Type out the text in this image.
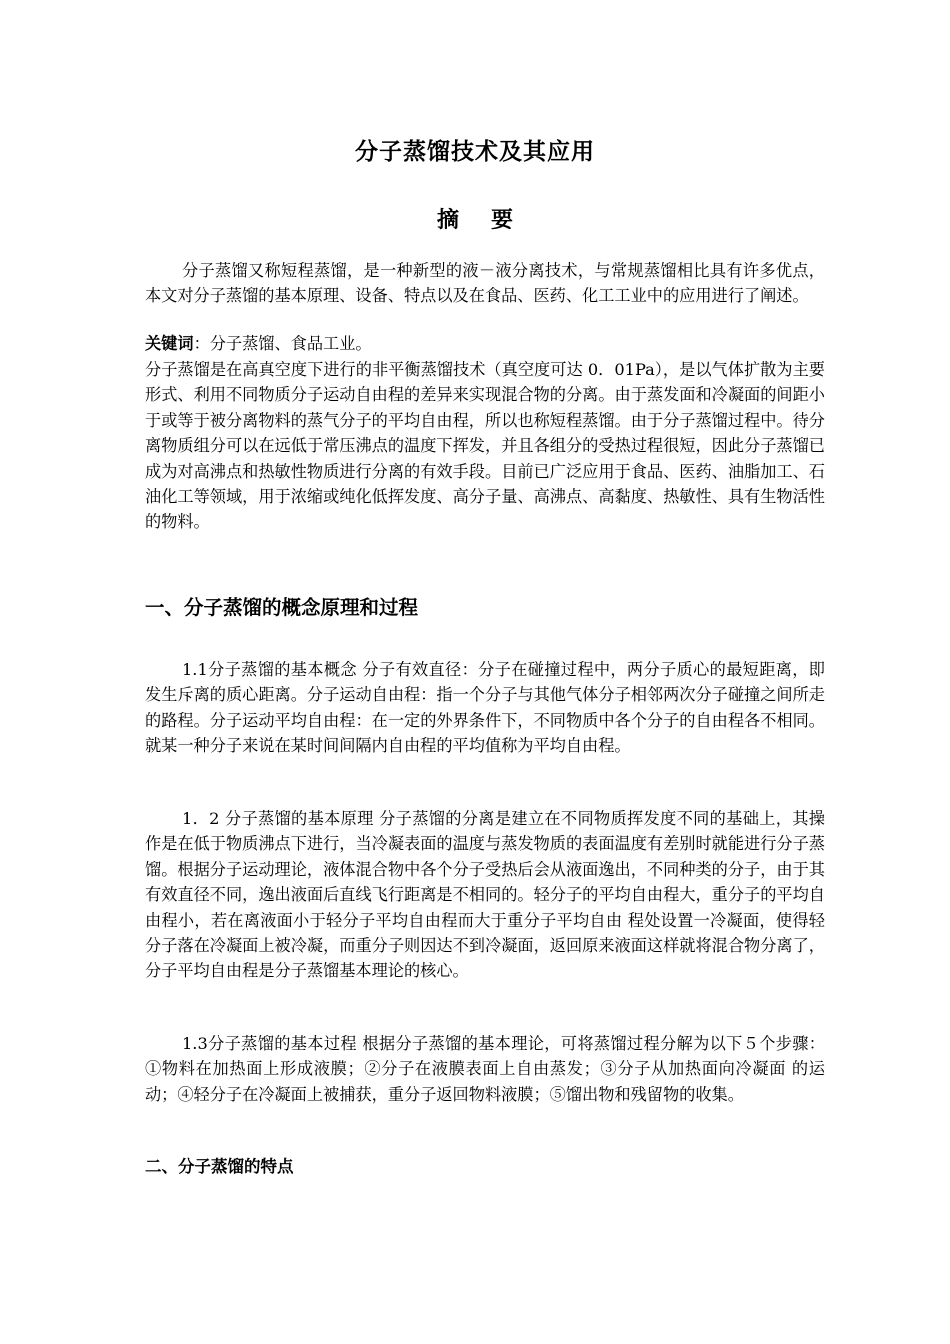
分子蒸馏技术及其应用
摘 要
分子蒸馏又称短程蒸馏，是一种新型的液－液分离技术，与常规蒸馏相比具有许多优点，本文对分子蒸馏的基本原理、设备、特点以及在食品、医药、化工工业中的应用进行了阐述。
关键词：分子蒸馏、食品工业。
分子蒸馏是在高真空度下进行的非平衡蒸馏技术（真空度可达 0．01Pa），是以气体扩散为主要形式、利用不同物质分子运动自由程的差异来实现混合物的分离。由于蒸发面和冷凝面的间距小于或等于被分离物料的蒸气分子的平均自由程，所以也称短程蒸馏。由于分子蒸馏过程中。待分离物质组分可以在远低于常压沸点的温度下挥发，并且各组分的受热过程很短，因此分子蒸馏已成为对高沸点和热敏性物质进行分离的有效手段。目前已广泛应用于食品、医药、油脂加工、石油化工等领域，用于浓缩或纯化低挥发度、高分子量、高沸点、高黏度、热敏性、具有生物活性的物料。
一、分子蒸馏的概念原理和过程
1.1分子蒸馏的基本概念 分子有效直径：分子在碰撞过程中，两分子质心的最短距离，即发生斥离的质心距离。分子运动自由程：指一个分子与其他气体分子相邻两次分子碰撞之间所走的路程。分子运动平均自由程：在一定的外界条件下，不同物质中各个分子的自由程各不相同。就某一种分子来说在某时间间隔内自由程的平均值称为平均自由程。
1．2 分子蒸馏的基本原理 分子蒸馏的分离是建立在不同物质挥发度不同的基础上，其操作是在低于物质沸点下进行，当冷凝表面的温度与蒸发物质的表面温度有差别时就能进行分子蒸馏。根据分子运动理论，液体混合物中各个分子受热后会从液面逸出，不同种类的分子，由于其有效直径不同，逸出液面后直线飞行距离是不相同的。轻分子的平均自由程大，重分子的平均自由程小，若在离液面小于轻分子平均自由程而大于重分子平均自由 程处设置一冷凝面，使得轻分子落在冷凝面上被冷凝，而重分子则因达不到冷凝面，返回原来液面这样就将混合物分离了，分子平均自由程是分子蒸馏基本理论的核心。
1.3分子蒸馏的基本过程 根据分子蒸馏的基本理论，可将蒸馏过程分解为以下５个步骤：①物料在加热面上形成液膜；②分子在液膜表面上自由蒸发；③分子从加热面向冷凝面 的运动；④轻分子在冷凝面上被捕获，重分子返回物料液膜；⑤馏出物和残留物的收集。
二、分子蒸馏的特点
